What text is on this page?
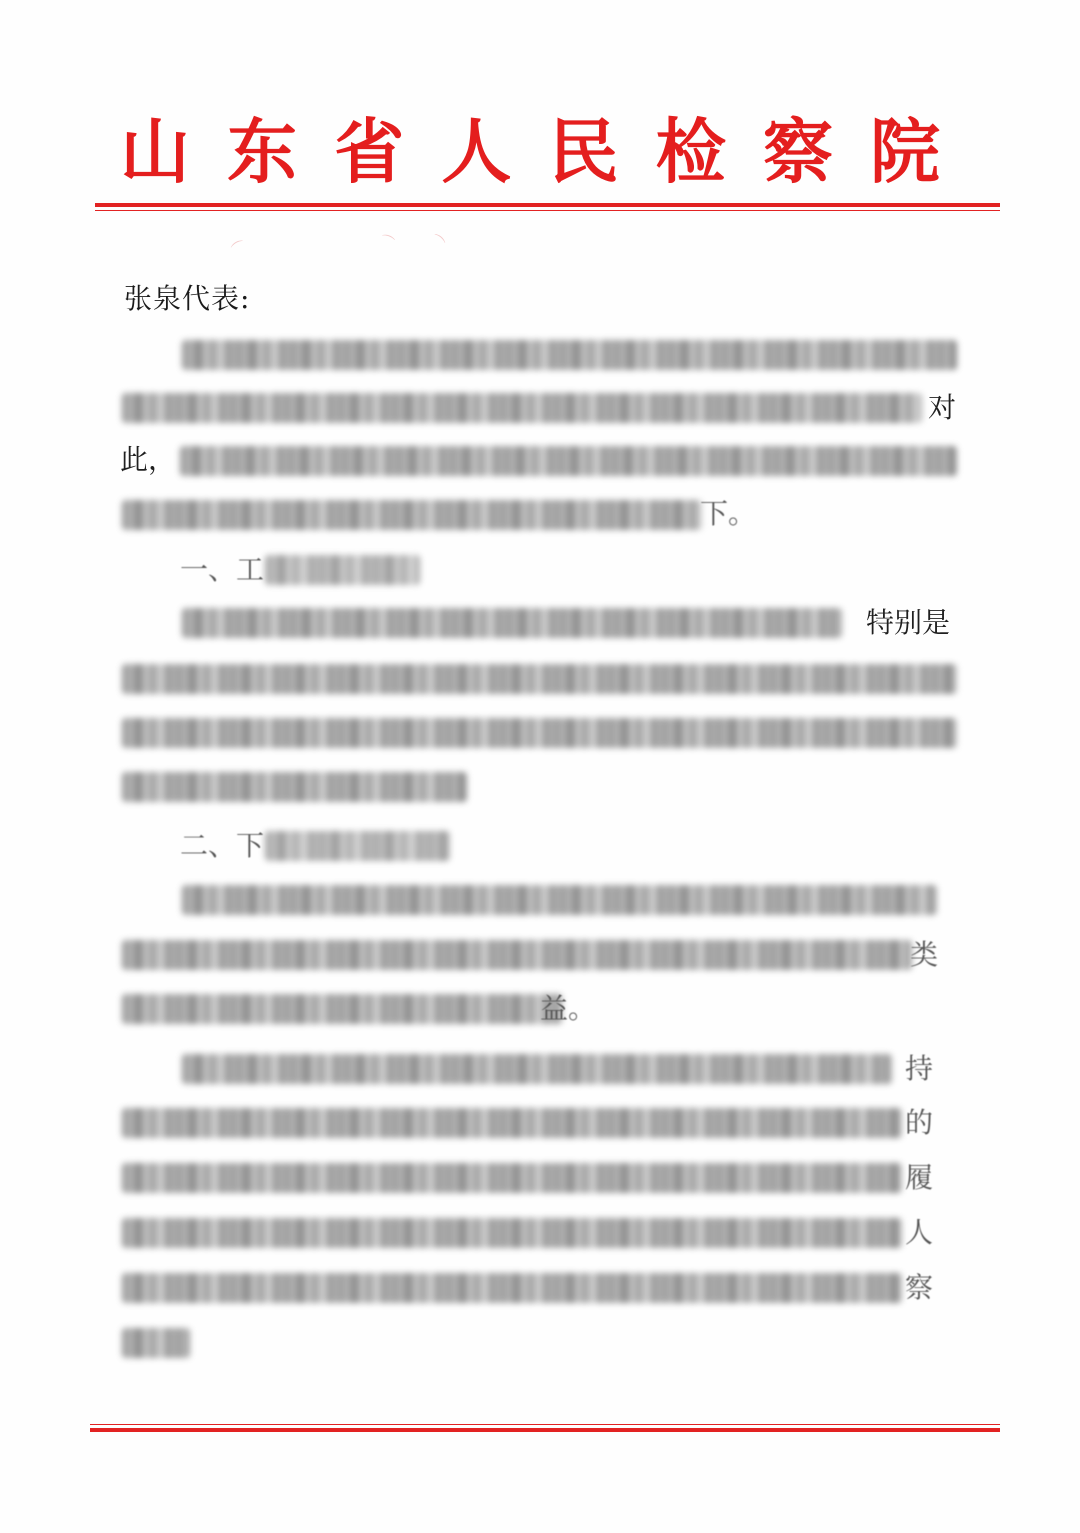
山 东 省 人 民 检 察 院
⌒	⌒ ⌒
张泉代表:
对
此，
下。
一、工
特别是
二、下
类
益。
持
的
履
人
察
